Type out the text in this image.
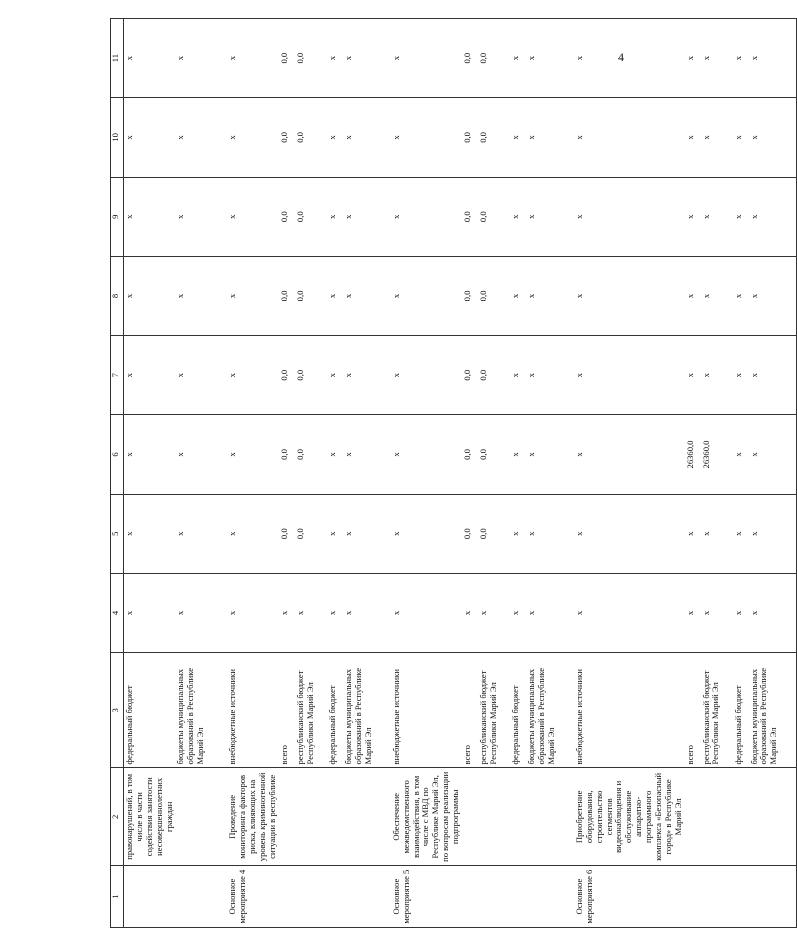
4
1	2	3	4	5	6	7	8	9	10	11
	правонарушений, в том числе в части содействия занятости несовершеннолетних граждан	федеральный бюджет	x	x	x	x	x	x	x	x
		бюджеты муниципальных образований в Республике Марий Эл	x	x	x	x	x	x	x	x
Основное мероприятие 4	Проведение мониторинга факторов риска, влияющих на уровень криминогенной ситуации в республике	внебюджетные источники	x	x	x	x	x	x	x	x
		всего	x	0,0	0,0	0,0	0,0	0,0	0,0	0,0
		республиканский бюджет Республики Марий Эл	x	0,0	0,0	0,0	0,0	0,0	0,0	0,0
		федеральный бюджет	x	x	x	x	x	x	x	x
		бюджеты муниципальных образований в Республике Марий Эл	x	x	x	x	x	x	x	x
Основное мероприятие 5	Обеспечение межведомственного взаимодействия, в том числе с МВД по Республике Марий Эл, по вопросам реализации подпрограммы	внебюджетные источники	x	x	x	x	x	x	x	x
		всего	x	0,0	0,0	0,0	0,0	0,0	0,0	0,0
		республиканский бюджет Республики Марий Эл	x	0,0	0,0	0,0	0,0	0,0	0,0	0,0
		федеральный бюджет	x	x	x	x	x	x	x	x
		бюджеты муниципальных образований в Республике Марий Эл	x	x	x	x	x	x	x	x
Основное мероприятие 6	Приобретение оборудования, строительство сегментов видеонаблюдения и обслуживание аппаратно-программного комплекса «Безопасный город» в Республике Марий Эл	внебюджетные источники	x	x	x	x	x	x	x	x
		всего	x	x	26360,0	x	x	x	x	x
		республиканский бюджет Республики Марий Эл	x	x	26360,0	x	x	x	x	x
		федеральный бюджет	x	x	x	x	x	x	x	x
		бюджеты муниципальных образований в Республике Марий Эл	x	x	x	x	x	x	x	x
